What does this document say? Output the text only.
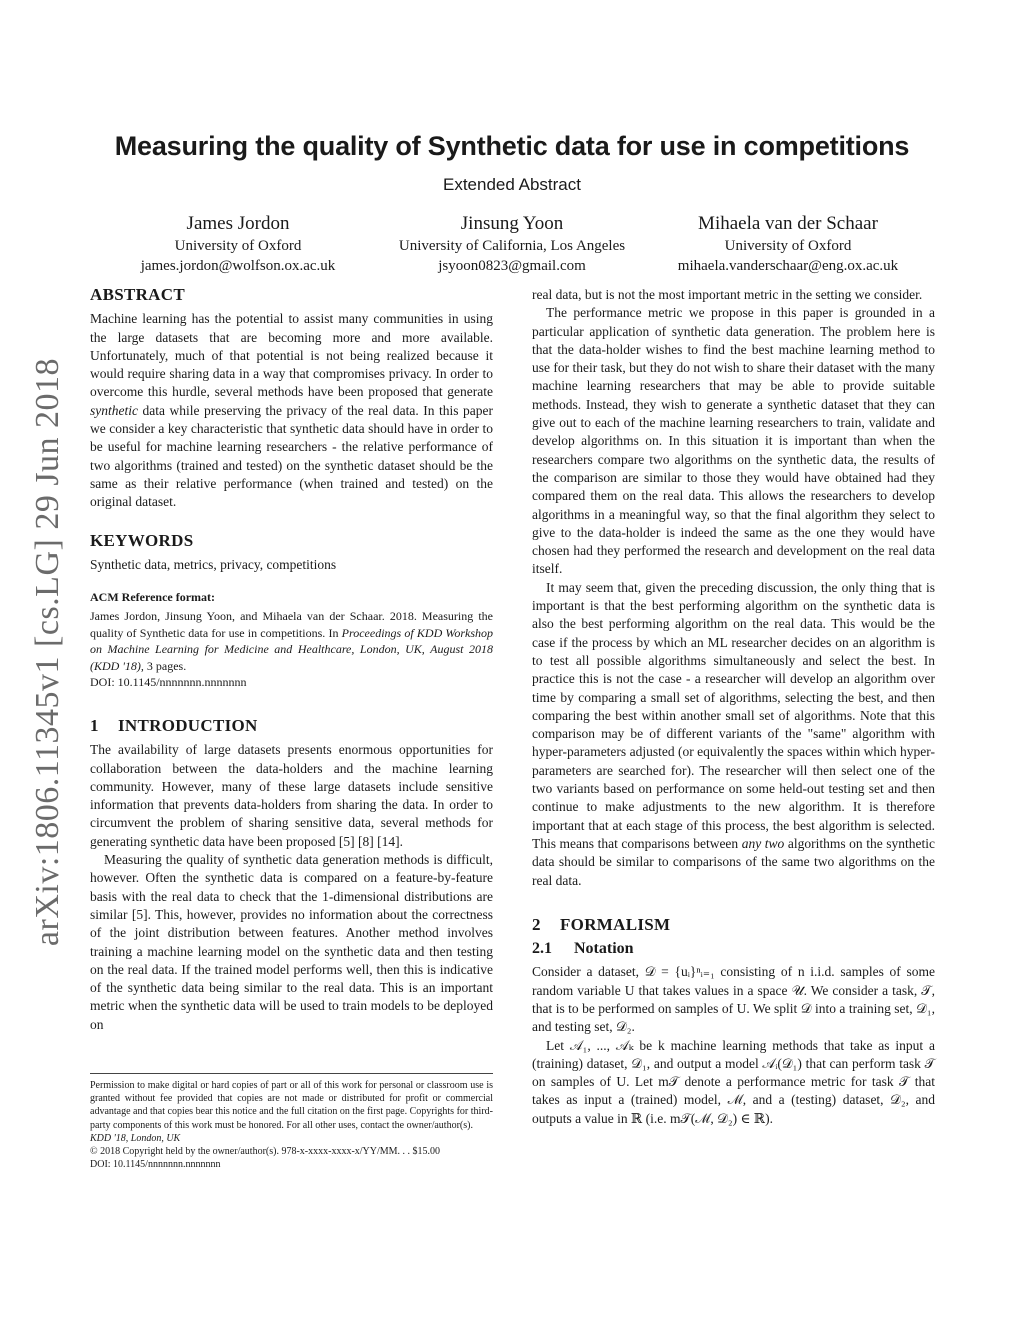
arXiv:1806.11345v1 [cs.LG] 29 Jun 2018
Measuring the quality of Synthetic data for use in competitions
Extended Abstract
James Jordon
University of Oxford
james.jordon@wolfson.ox.ac.uk
Jinsung Yoon
University of California, Los Angeles
jsyoon0823@gmail.com
Mihaela van der Schaar
University of Oxford
mihaela.vanderschaar@eng.ox.ac.uk
ABSTRACT

Machine learning has the potential to assist many communities in using the large datasets that are becoming more and more available. Unfortunately, much of that potential is not being realized because it would require sharing data in a way that compromises privacy. In order to overcome this hurdle, several methods have been proposed that generate synthetic data while preserving the privacy of the real data. In this paper we consider a key characteristic that synthetic data should have in order to be useful for machine learning researchers - the relative performance of two algorithms (trained and tested) on the synthetic dataset should be the same as their relative performance (when trained and tested) on the original dataset.

KEYWORDS

Synthetic data, metrics, privacy, competitions

ACM Reference format:

James Jordon, Jinsung Yoon, and Mihaela van der Schaar. 2018. Measuring the quality of Synthetic data for use in competitions. In Proceedings of KDD Workshop on Machine Learning for Medicine and Healthcare, London, UK, August 2018 (KDD '18), 3 pages.

DOI: 10.1145/nnnnnnn.nnnnnnn

1 INTRODUCTION

The availability of large datasets presents enormous opportunities for collaboration between the data-holders and the machine learning community. However, many of these large datasets include sensitive information that prevents data-holders from sharing the data. In order to circumvent the problem of sharing sensitive data, several methods for generating synthetic data have been proposed [5] [8] [14].

Measuring the quality of synthetic data generation methods is difficult, however. Often the synthetic data is compared on a feature-by-feature basis with the real data to check that the 1-dimensional distributions are similar [5]. This, however, provides no information about the correctness of the joint distribution between features. Another method involves training a machine learning model on the synthetic data and then testing on the real data. If the trained model performs well, then this is indicative of the synthetic data being similar to the real data. This is an important metric when the synthetic data will be used to train models to be deployed on

Permission to make digital or hard copies of part or all of this work for personal or classroom use is granted without fee provided that copies are not made or distributed for profit or commercial advantage and that copies bear this notice and the full citation on the first page. Copyrights for third-party components of this work must be honored. For all other uses, contact the owner/author(s).

KDD '18, London, UK

© 2018 Copyright held by the owner/author(s). 978-x-xxxx-xxxx-x/YY/MM. . . $15.00

DOI: 10.1145/nnnnnnn.nnnnnnn

real data, but is not the most important metric in the setting we consider.

The performance metric we propose in this paper is grounded in a particular application of synthetic data generation. The problem here is that the data-holder wishes to find the best machine learning method to use for their task, but they do not wish to share their dataset with the many machine learning researchers that may be able to provide suitable methods. Instead, they wish to generate a synthetic dataset that they can give out to each of the machine learning researchers to train, validate and develop algorithms on. In this situation it is important than when the researchers compare two algorithms on the synthetic data, the results of the comparison are similar to those they would have obtained had they compared them on the real data. This allows the researchers to develop algorithms in a meaningful way, so that the final algorithm they select to give to the data-holder is indeed the same as the one they would have chosen had they performed the research and development on the real data itself.

It may seem that, given the preceding discussion, the only thing that is important is that the best performing algorithm on the synthetic data is also the best performing algorithm on the real data. This would be the case if the process by which an ML researcher decides on an algorithm is to test all possible algorithms simultaneously and select the best. In practice this is not the case - a researcher will develop an algorithm over time by comparing a small set of algorithms, selecting the best, and then comparing the best within another small set of algorithms. Note that this comparison may be of different variants of the "same" algorithm with hyper-parameters adjusted (or equivalently the spaces within which hyper-parameters are searched for). The researcher will then select one of the two variants based on performance on some held-out testing set and then continue to make adjustments to the new algorithm. It is therefore important that at each stage of this process, the best algorithm is selected. This means that comparisons between any two algorithms on the synthetic data should be similar to comparisons of the same two algorithms on the real data.

2 FORMALISM
2.1 Notation

Consider a dataset, 𝒟 = {uᵢ}ⁿᵢ₌₁ consisting of n i.i.d. samples of some random variable U that takes values in a space 𝒰. We consider a task, 𝒯, that is to be performed on samples of U. We split 𝒟 into a training set, 𝒟₁, and testing set, 𝒟₂.

Let 𝒜₁, ..., 𝒜ₖ be k machine learning methods that take as input a (training) dataset, 𝒟₁, and output a model 𝒜ᵢ(𝒟₁) that can perform task 𝒯 on samples of U. Let m𝒯 denote a performance metric for task 𝒯 that takes as input a (trained) model, ℳ, and a (testing) dataset, 𝒟₂, and outputs a value in ℝ (i.e. m𝒯(ℳ, 𝒟₂) ∈ ℝ).
